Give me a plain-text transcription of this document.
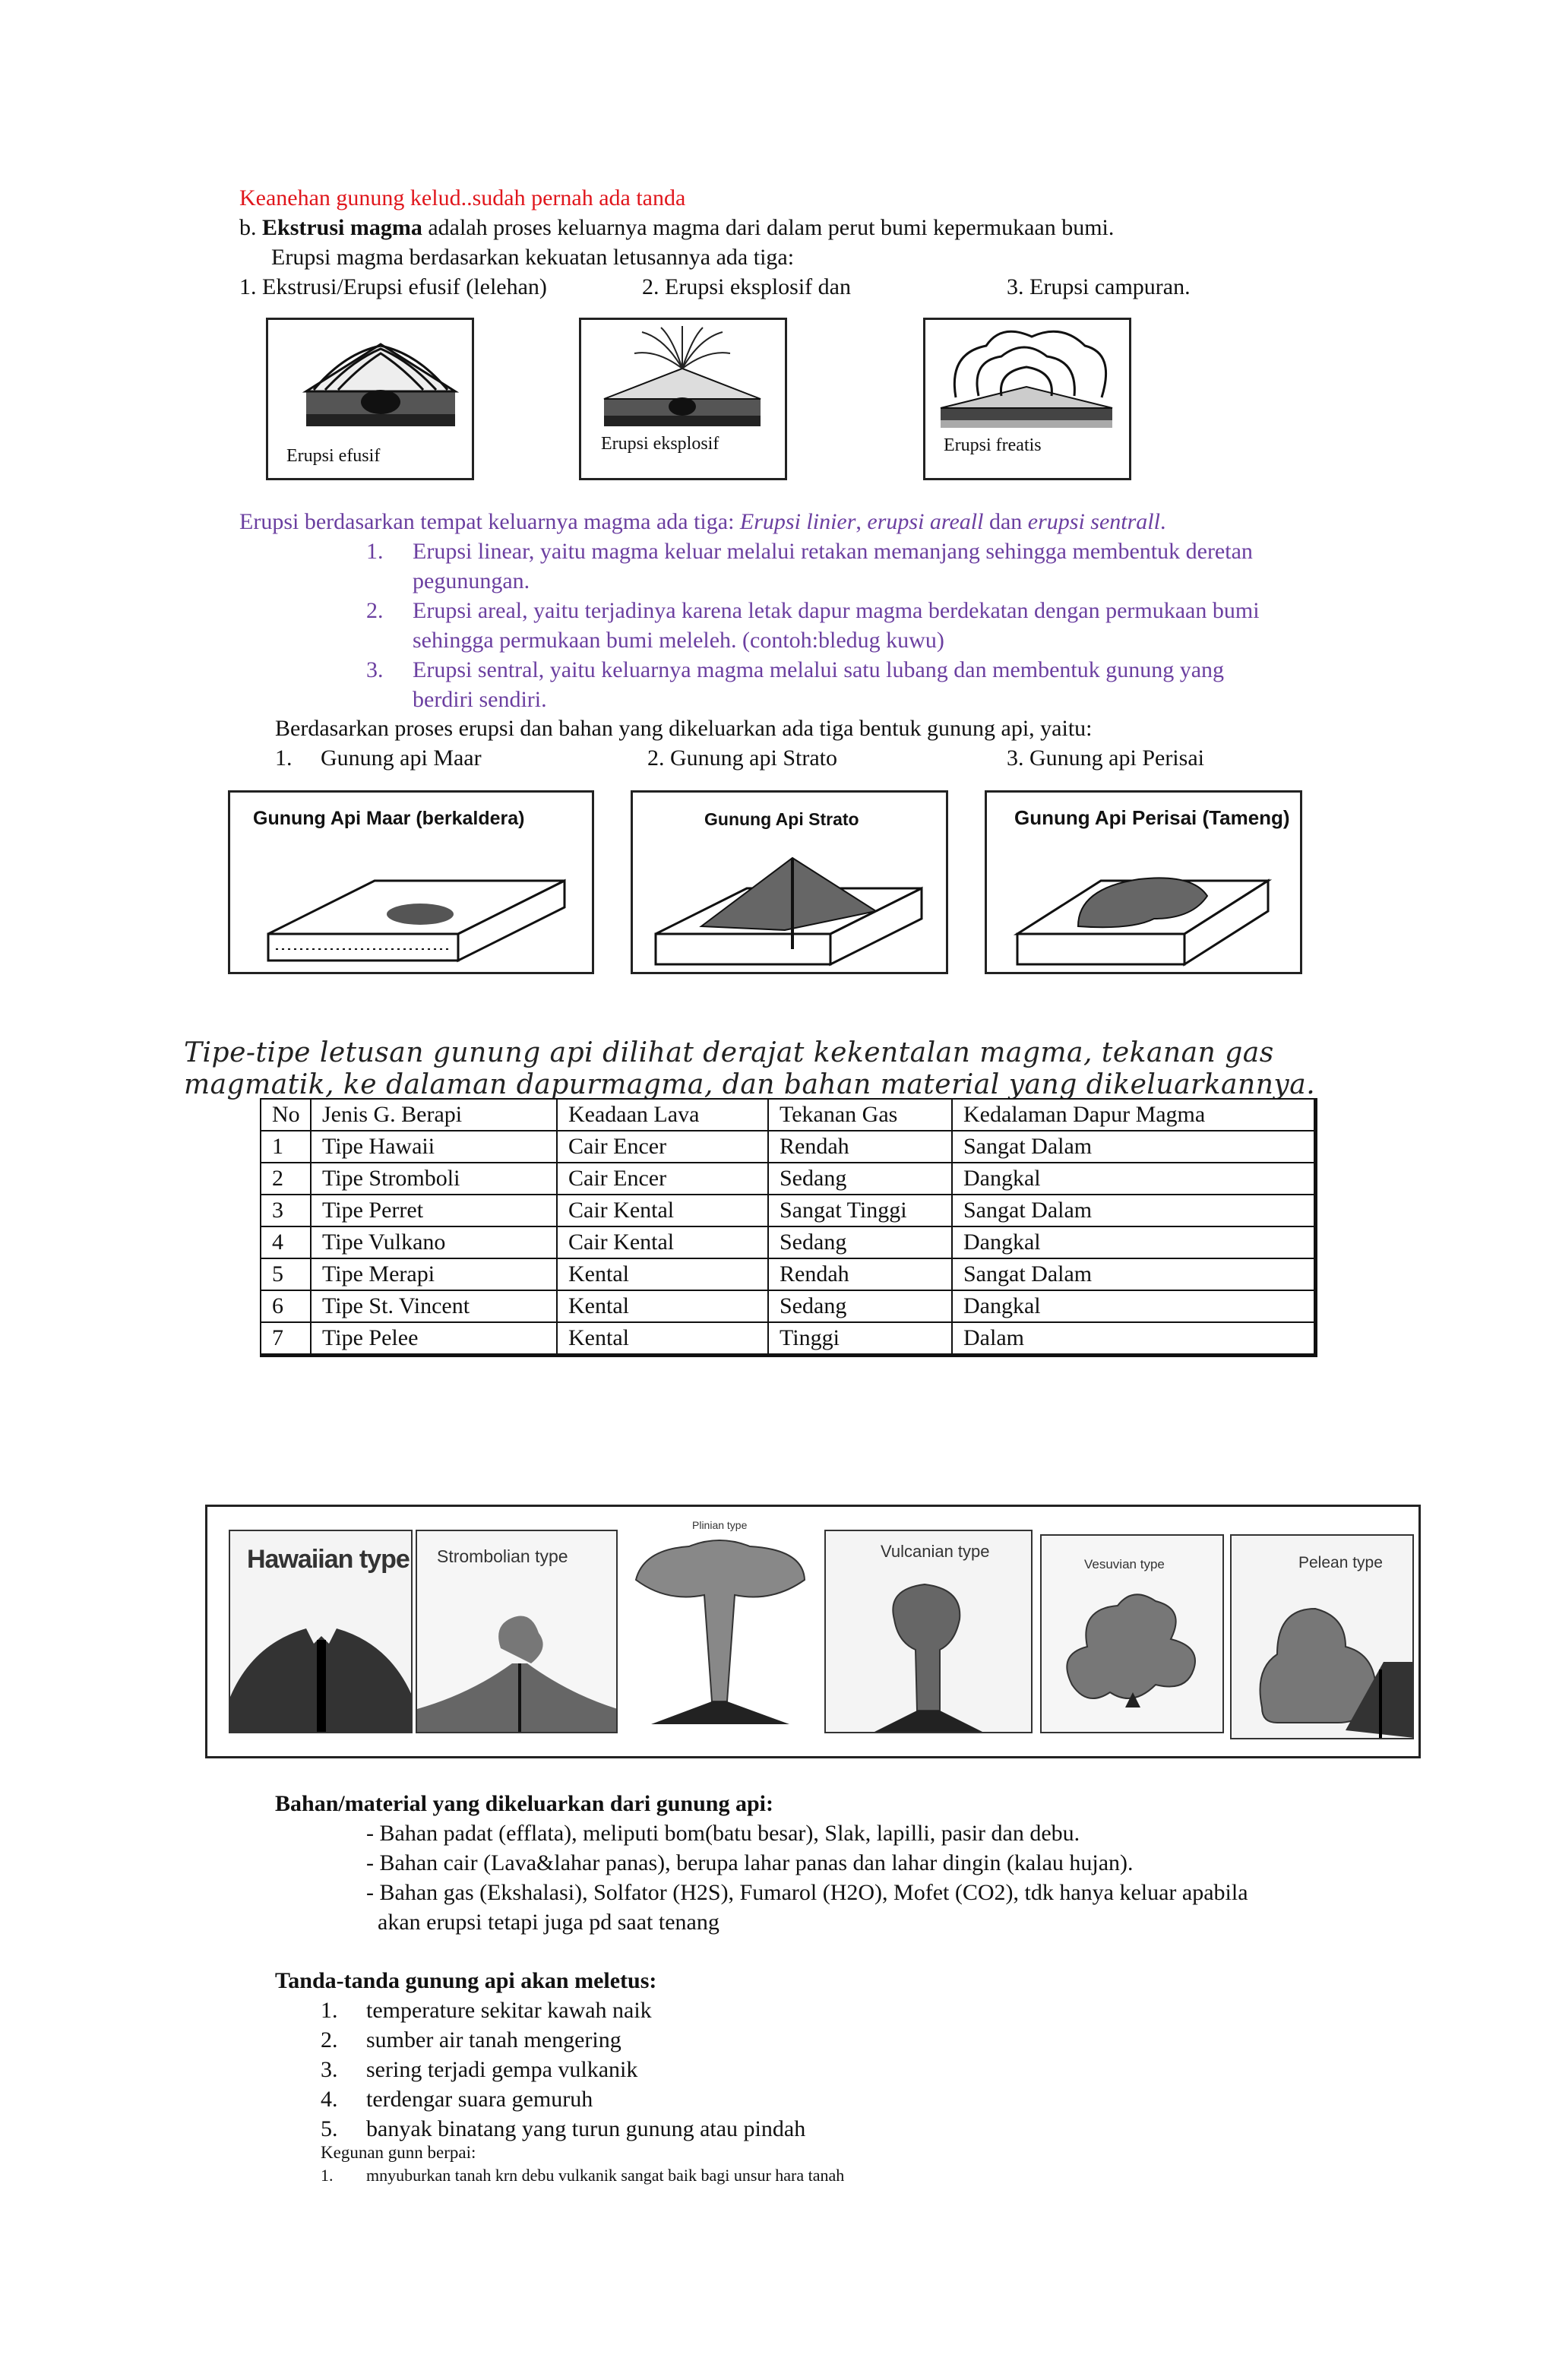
Keanehan gunung kelud..sudah pernah ada tanda
b. Ekstrusi magma adalah proses keluarnya magma dari dalam perut bumi kepermukaan bumi.
Erupsi magma berdasarkan kekuatan letusannya ada tiga:
1. Ekstrusi/Erupsi efusif (lelehan)	2. Erupsi eksplosif dan	3. Erupsi campuran.
Erupsi efusif
Erupsi eksplosif	Erupsi freatis
Erupsi berdasarkan tempat keluarnya magma ada tiga: Erupsi linier, erupsi areall dan erupsi sentrall.
1. Erupsi linear, yaitu magma keluar melalui retakan memanjang sehingga membentuk deretan
pegunungan.
2. Erupsi areal, yaitu terjadinya karena letak dapur magma berdekatan dengan permukaan bumi
sehingga permukaan bumi meleleh. (contoh:bledug kuwu)
3. Erupsi sentral, yaitu keluarnya magma melalui satu lubang dan membentuk gunung yang
berdiri sendiri.
Berdasarkan proses erupsi dan bahan yang dikeluarkan ada tiga bentuk gunung api, yaitu:
1. Gunung api Maar	2. Gunung api Strato	3. Gunung api Perisai
Gunung Api Maar (berkaldera)	Gunung Api Strato	Gunung Api Perisai (Tameng)
Tipe-tipe letusan gunung api dilihat derajat kekentalan magma, tekanan gas
magmatik, ke dalaman dapurmagma, dan bahan material yang dikeluarkannya.
No	Jenis G. Berapi	Keadaan Lava	Tekanan Gas	Kedalaman Dapur Magma
1	Tipe Hawaii	Cair Encer	Rendah	Sangat Dalam
2	Tipe Stromboli	Cair Encer	Sedang	Dangkal
3	Tipe Perret	Cair Kental	Sangat Tinggi	Sangat Dalam
4	Tipe Vulkano	Cair Kental	Sedang	Dangkal
5	Tipe Merapi	Kental	Rendah	Sangat Dalam
6	Tipe St. Vincent	Kental	Sedang	Dangkal
7	Tipe Pelee	Kental	Tinggi	Dalam
Hawaiian type Strombolian type
Plinian type
Vulcanian type
Vesuvian type	Pelean type
Bahan/material yang dikeluarkan dari gunung api:
- Bahan padat (efflata), meliputi bom(batu besar), Slak, lapilli, pasir dan debu.
- Bahan cair (Lava&lahar panas), berupa lahar panas dan lahar dingin (kalau hujan).
- Bahan gas (Ekshalasi), Solfator (H2S), Fumarol (H2O), Mofet (CO2), tdk hanya keluar apabila
akan erupsi tetapi juga pd saat tenang
Tanda-tanda gunung api akan meletus:
1. temperature sekitar kawah naik
2. sumber air tanah mengering
3. sering terjadi gempa vulkanik
4. terdengar suara gemuruh
5. banyak binatang yang turun gunung atau pindah
Kegunan gunn berpai:
1. mnyuburkan tanah krn debu vulkanik sangat baik bagi unsur hara tanah
